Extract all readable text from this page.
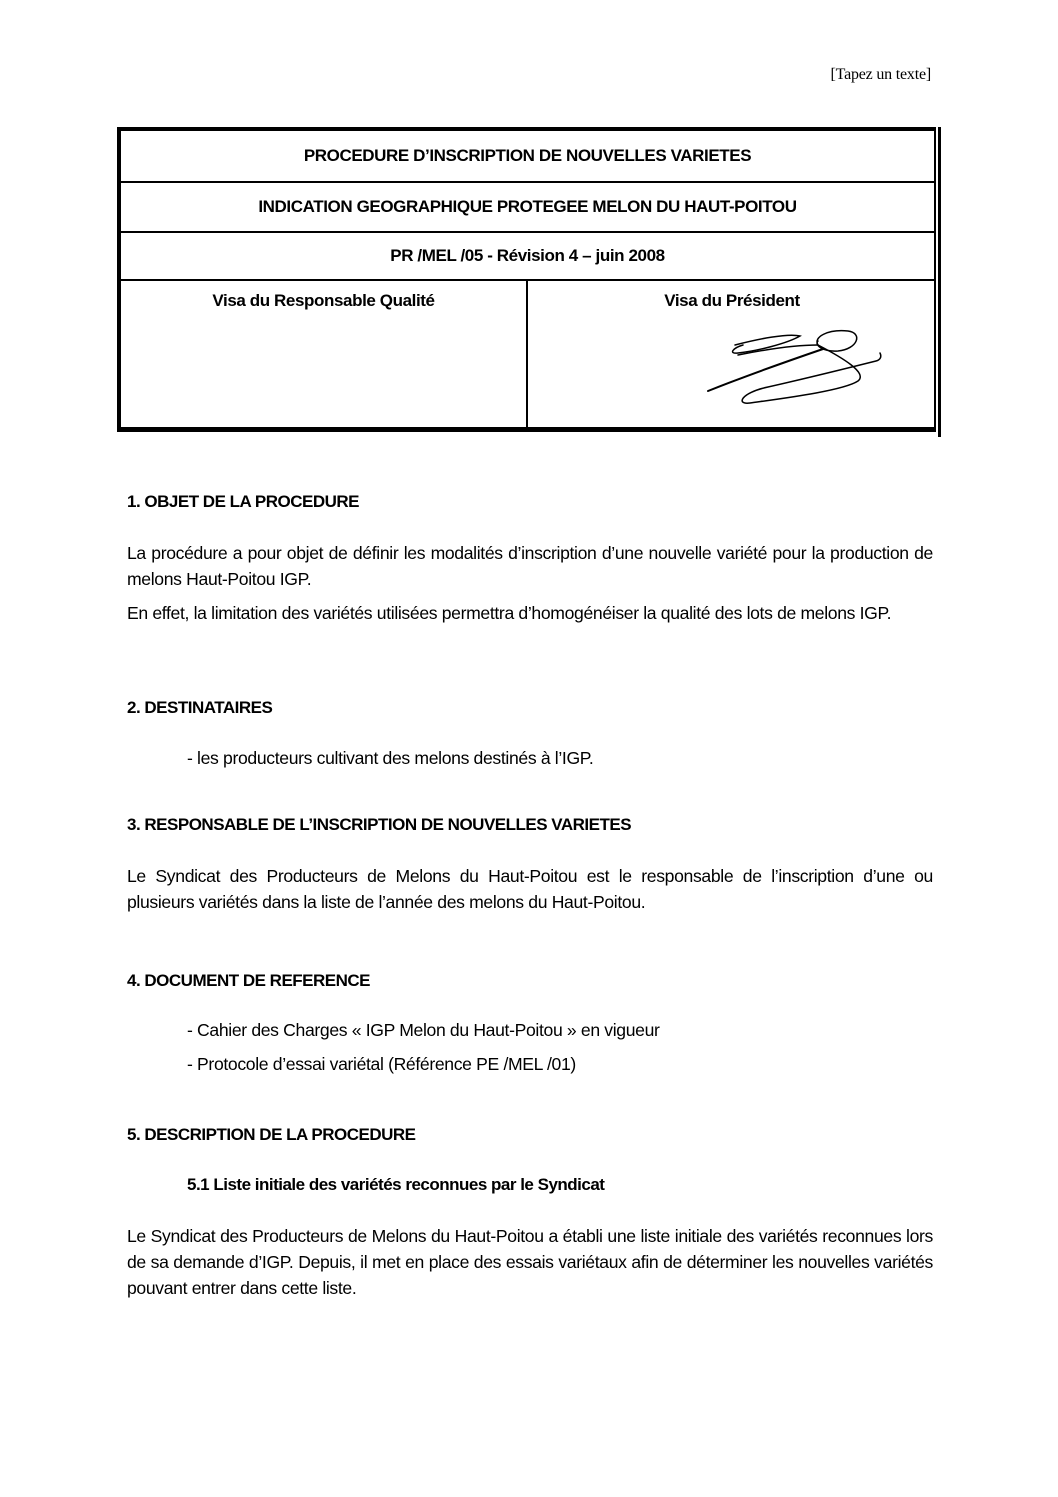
[Tapez un texte]
PROCEDURE D’INSCRIPTION DE NOUVELLES VARIETES
INDICATION GEOGRAPHIQUE PROTEGEE MELON DU HAUT-POITOU
PR /MEL /05 - Révision 4 – juin 2008
Visa du Responsable Qualité	Visa du Président
1. OBJET DE LA PROCEDURE
La procédure a pour objet de définir les modalités d’inscription d’une nouvelle variété pour la production de melons Haut-Poitou IGP.
En effet, la limitation des variétés utilisées permettra d’homogénéiser la qualité des lots de melons IGP.
2. DESTINATAIRES
- les producteurs cultivant des melons destinés à l’IGP.
3. RESPONSABLE DE L’INSCRIPTION DE NOUVELLES VARIETES
Le Syndicat des Producteurs de Melons du Haut-Poitou est le responsable de l’inscription d’une ou plusieurs variétés dans la liste de l’année des melons du Haut-Poitou.
4. DOCUMENT DE REFERENCE
- Cahier des Charges « IGP Melon du Haut-Poitou » en vigueur
- Protocole d’essai variétal (Référence PE /MEL /01)
5. DESCRIPTION DE LA PROCEDURE
5.1 Liste initiale des variétés reconnues par le Syndicat
Le Syndicat des Producteurs de Melons du Haut-Poitou a établi une liste initiale des variétés reconnues lors de sa demande d’IGP. Depuis, il met en place des essais variétaux afin de déterminer les nouvelles variétés pouvant entrer dans cette liste.
